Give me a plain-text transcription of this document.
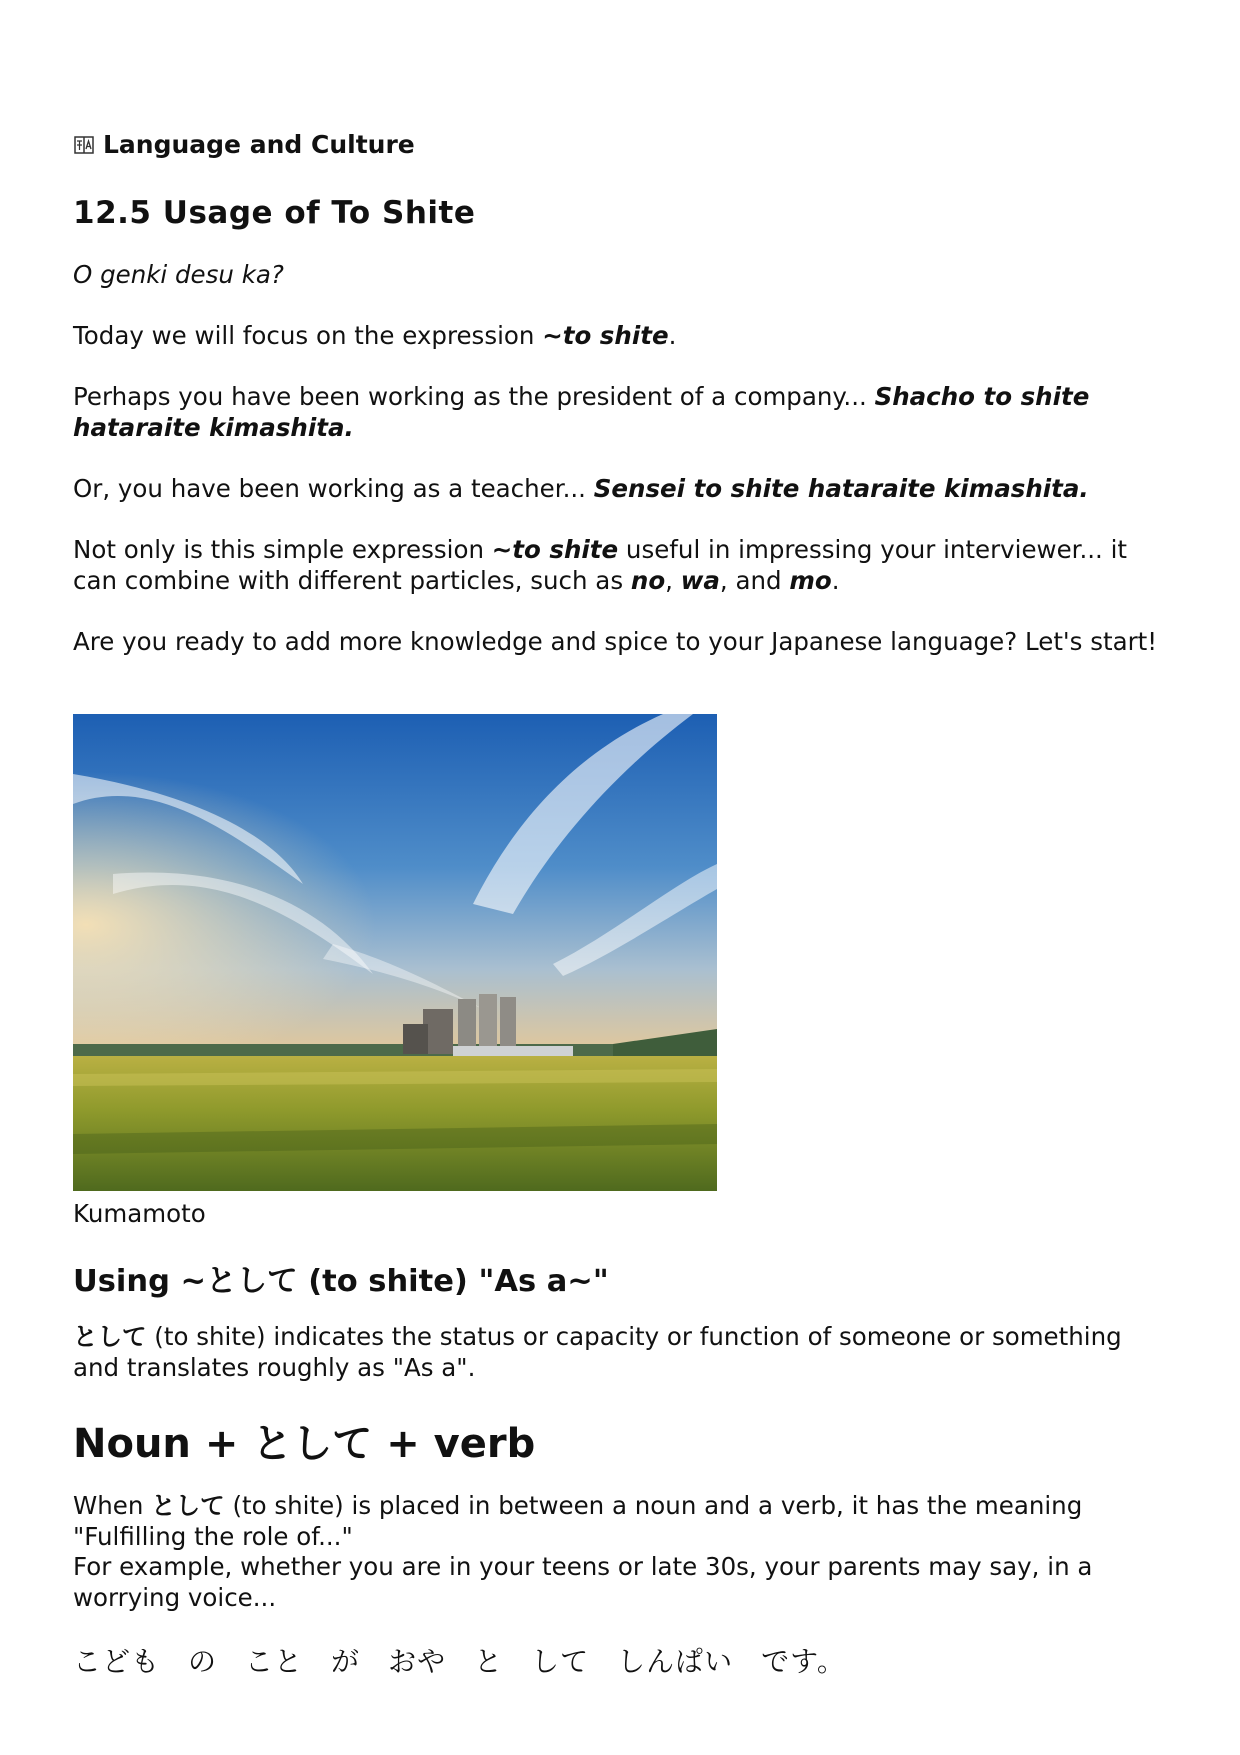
Language and Culture
12.5 Usage of To Shite

O genki desu ka?

Today we will focus on the expression ~to shite.

Perhaps you have been working as the president of a company... Shacho to shite hataraite kimashita.

Or, you have been working as a teacher... Sensei to shite hataraite kimashita.

Not only is this simple expression ~to shite useful in impressing your interviewer... it can combine with different particles, such as no, wa, and mo.

Are you ready to add more knowledge and spice to your Japanese language? Let's start!

Kumamoto
Using ~として (to shite) "As a~"

として (to shite) indicates the status or capacity or function of someone or something and translates roughly as "As a".

Noun + として + verb

When として (to shite) is placed in between a noun and a verb, it has the meaning "Fulfilling the role of..."

For example, whether you are in your teens or late 30s, your parents may say, in a worrying voice...

こども の こと が おや と して しんぱい です。
